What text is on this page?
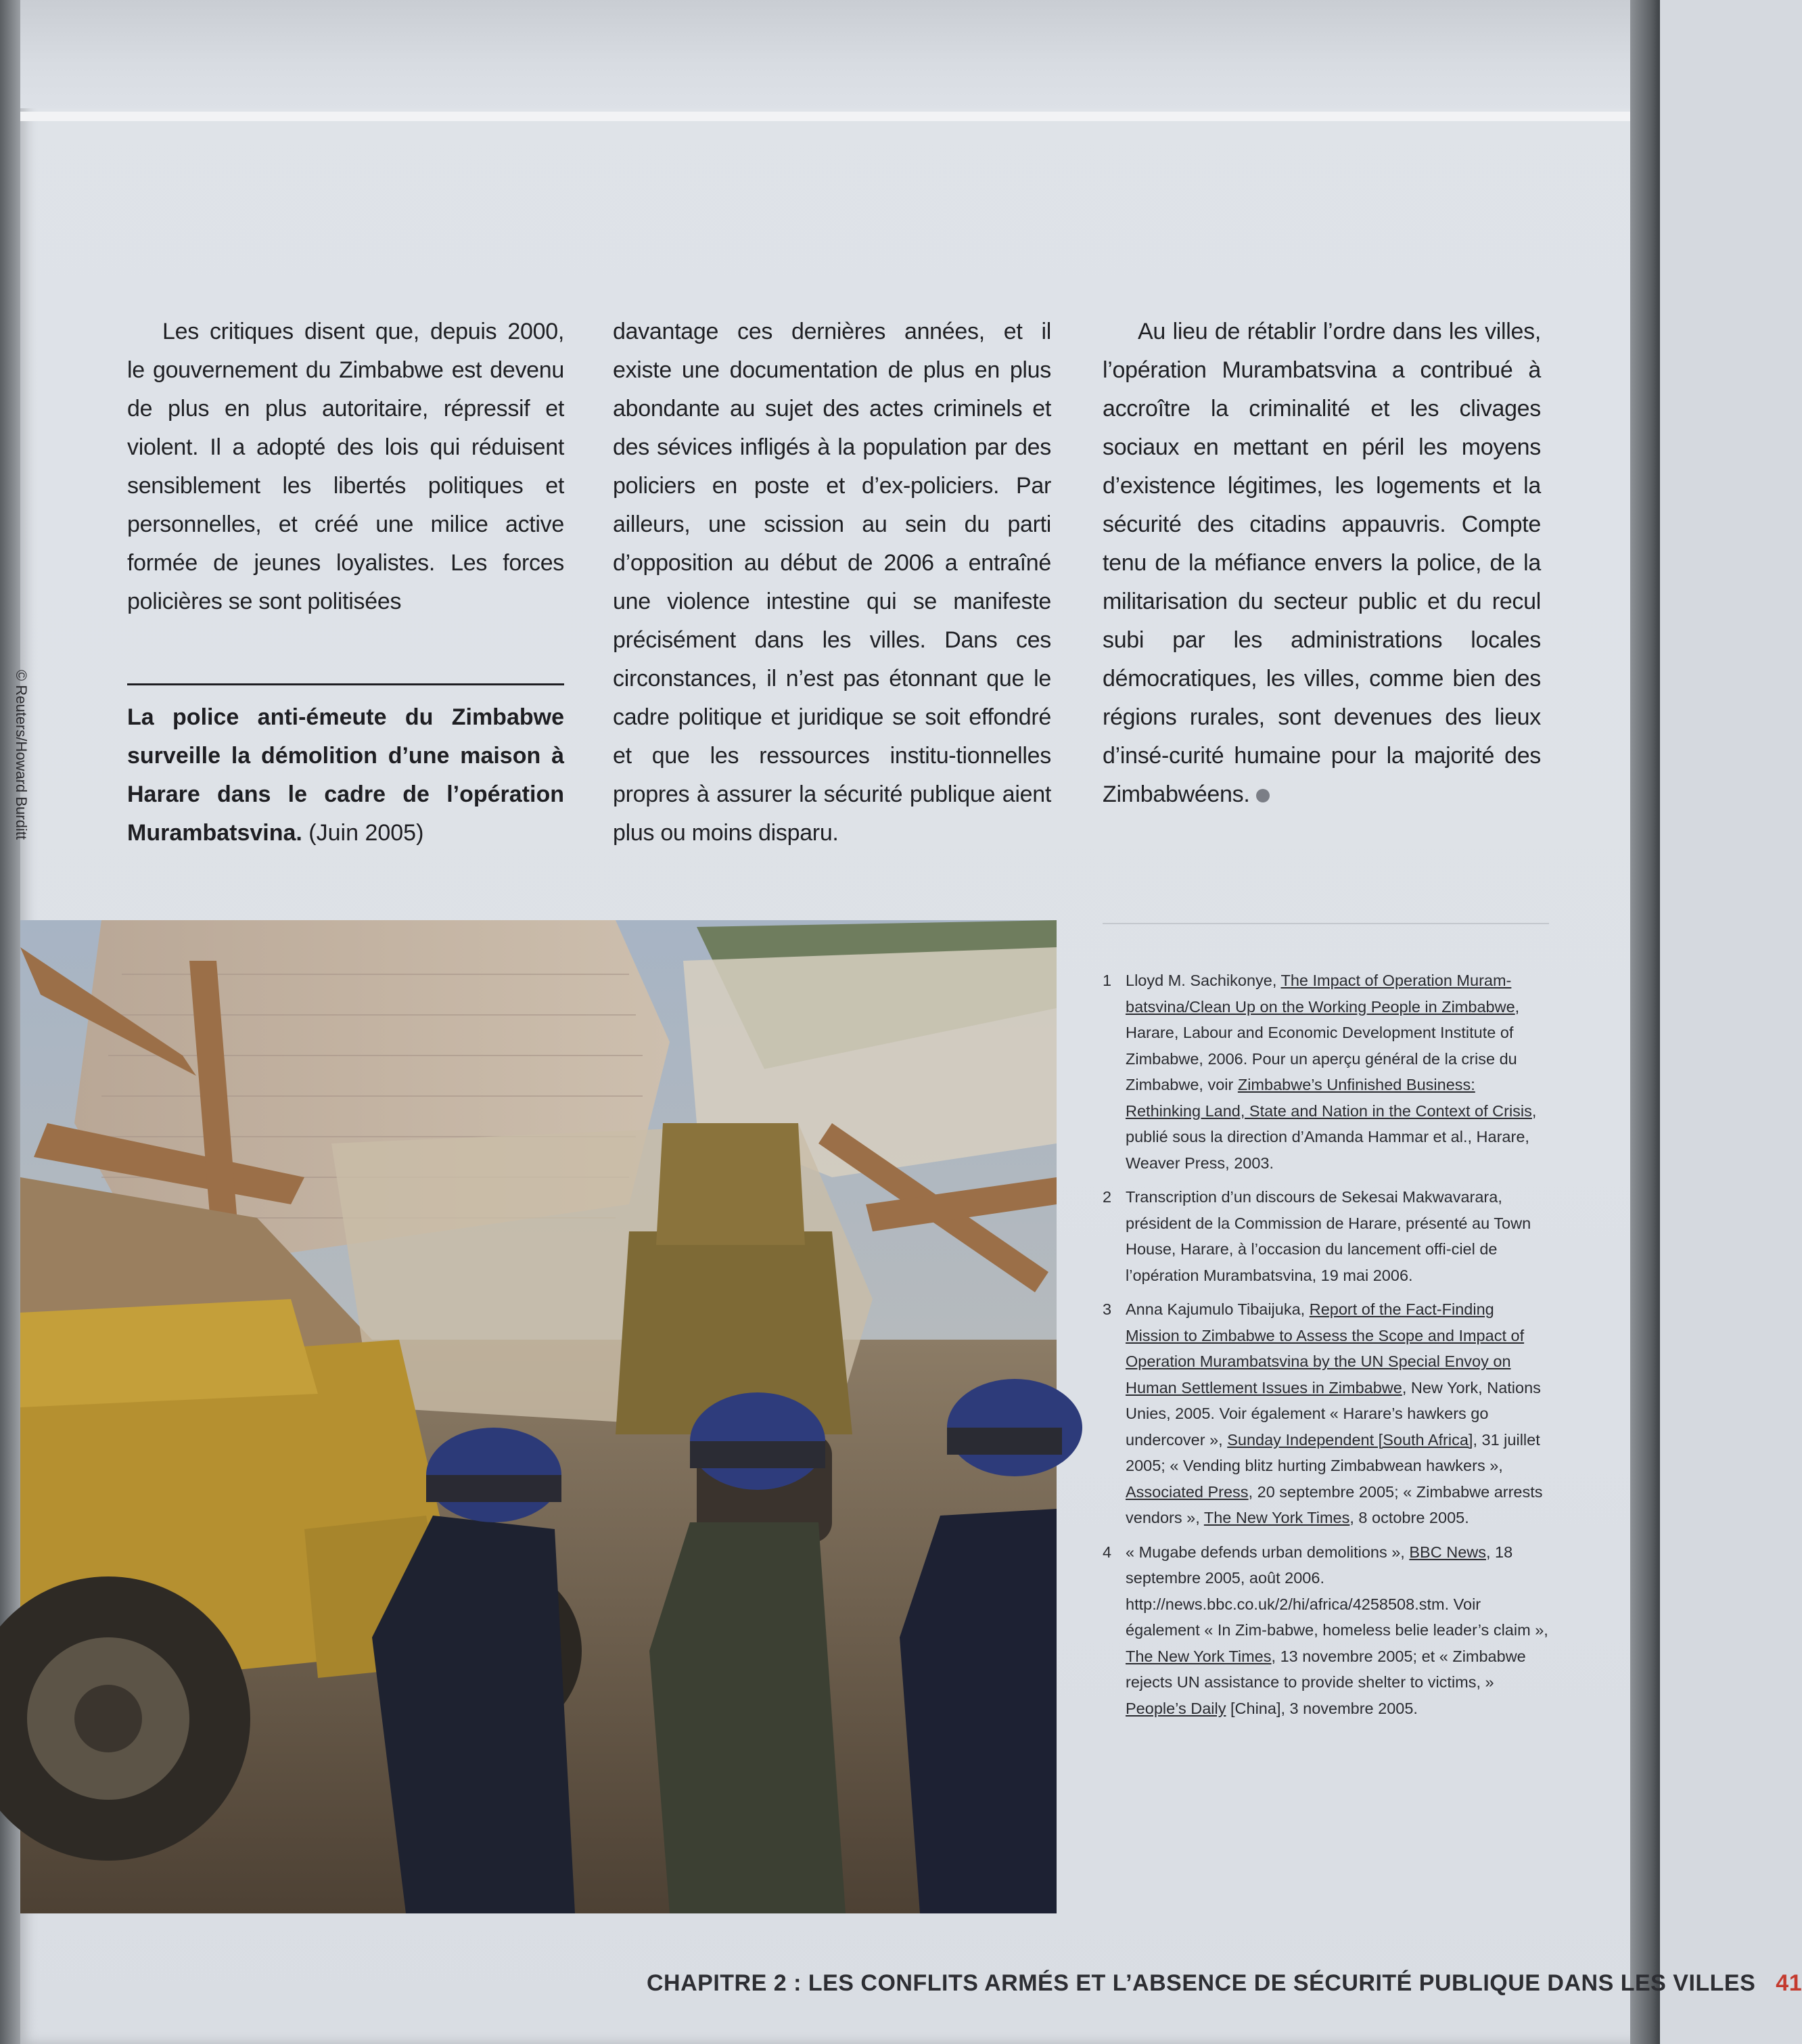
Les critiques disent que, depuis 2000, le gouvernement du Zimbabwe est devenu de plus en plus autoritaire, répressif et violent. Il a adopté des lois qui réduisent sensiblement les libertés politiques et personnelles, et créé une milice active formée de jeunes loyalistes. Les forces policières se sont politisées

La police anti-émeute du Zimbabwe surveille la démolition d’une maison à Harare dans le cadre de l’opération Murambatsvina. (Juin 2005)

davantage ces dernières années, et il existe une documentation de plus en plus abondante au sujet des actes criminels et des sévices infligés à la population par des policiers en poste et d’ex-policiers. Par ailleurs, une scission au sein du parti d’opposition au début de 2006 a entraîné une violence intestine qui se manifeste précisément dans les villes. Dans ces circonstances, il n’est pas étonnant que le cadre politique et juridique se soit effondré et que les ressources institu-tionnelles propres à assurer la sécurité publique aient plus ou moins disparu.

Au lieu de rétablir l’ordre dans les villes, l’opération Murambatsvina a contribué à accroître la criminalité et les clivages sociaux en mettant en péril les moyens d’existence légitimes, les logements et la sécurité des citadins appauvris. Compte tenu de la méfiance envers la police, de la militarisation du secteur public et du recul subi par les administrations locales démocratiques, les villes, comme bien des régions rurales, sont devenues des lieux d’insé-curité humaine pour la majorité des Zimbabwéens.

© Reuters/Howard Burditt
1 Lloyd M. Sachikonye, The Impact of Operation Muram-batsvina/Clean Up on the Working People in Zimbabwe, Harare, Labour and Economic Development Institute of Zimbabwe, 2006. Pour un aperçu général de la crise du Zimbabwe, voir Zimbabwe’s Unfinished Business: Rethinking Land, State and Nation in the Context of Crisis, publié sous la direction d’Amanda Hammar et al., Harare, Weaver Press, 2003.
2 Transcription d’un discours de Sekesai Makwavarara, président de la Commission de Harare, présenté au Town House, Harare, à l’occasion du lancement offi-ciel de l’opération Murambatsvina, 19 mai 2006.
3 Anna Kajumulo Tibaijuka, Report of the Fact-Finding Mission to Zimbabwe to Assess the Scope and Impact of Operation Murambatsvina by the UN Special Envoy on Human Settlement Issues in Zimbabwe, New York, Nations Unies, 2005. Voir également « Harare’s hawkers go undercover », Sunday Independent [South Africa], 31 juillet 2005; « Vending blitz hurting Zimbabwean hawkers », Associated Press, 20 septembre 2005; « Zimbabwe arrests vendors », The New York Times, 8 octobre 2005.
4 « Mugabe defends urban demolitions », BBC News, 18 septembre 2005, août 2006. http://news.bbc.co.uk/2/hi/africa/4258508.stm. Voir également « In Zim-babwe, homeless belie leader’s claim », The New York Times, 13 novembre 2005; et « Zimbabwe rejects UN assistance to provide shelter to victims, » People’s Daily [China], 3 novembre 2005.
CHAPITRE 2 : LES CONFLITS ARMÉS ET L’ABSENCE DE SÉCURITÉ PUBLIQUE DANS LES VILLES 41
